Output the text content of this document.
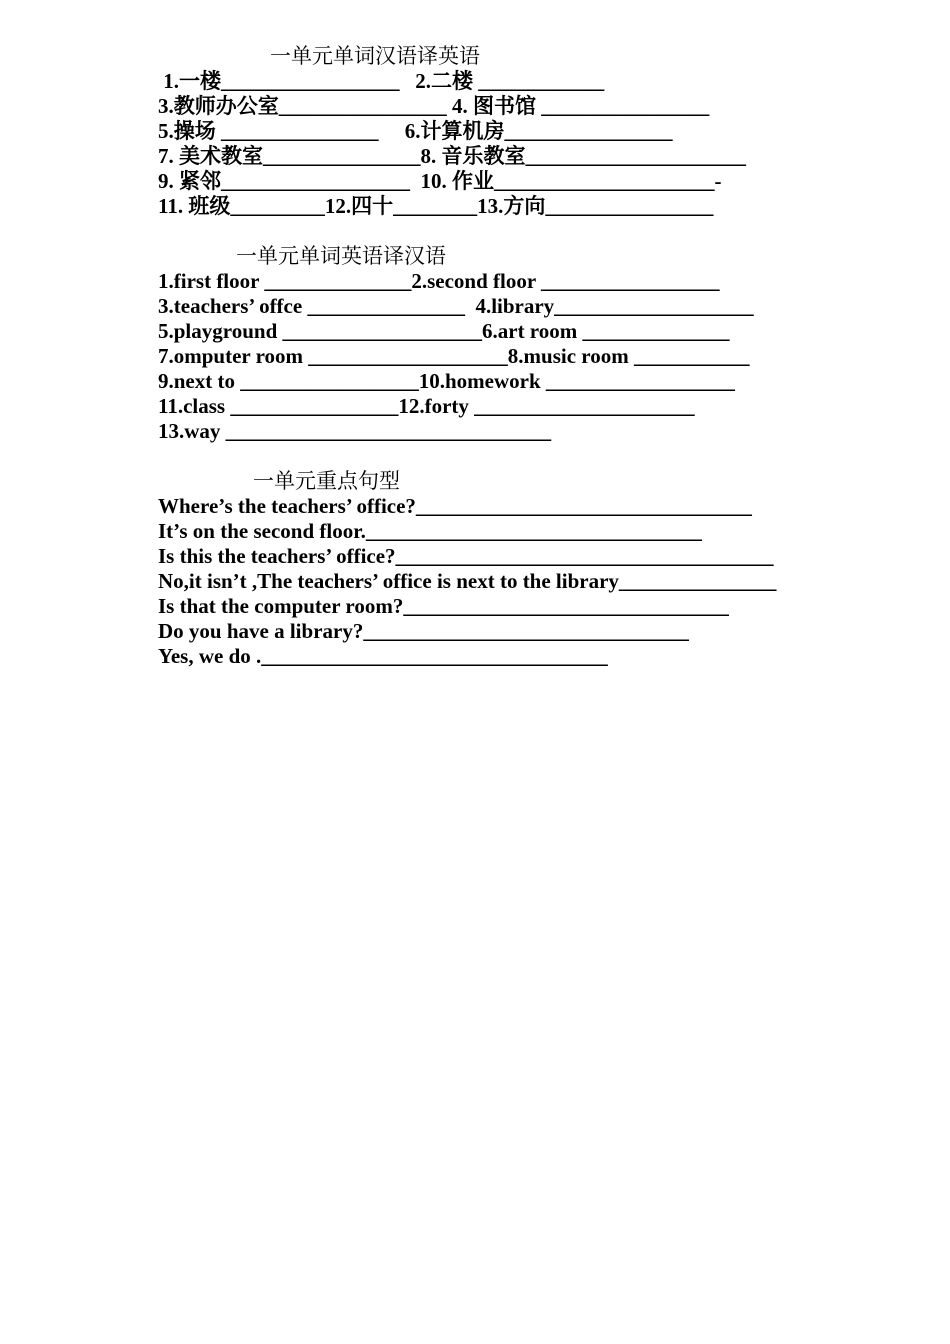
一单元单词汉语译英语
1.一楼_________________   2.二楼 ____________
3.教师办公室________________ 4. 图书馆 ________________
5.操场 _______________     6.计算机房________________
7. 美术教室_______________8. 音乐教室_____________________
9. 紧邻__________________  10. 作业_____________________-
11. 班级_________12.四十________13.方向________________
一单元单词英语译汉语
1.first floor ______________2.second floor _________________
3.teachers’ offce _______________  4.library___________________
5.playground ___________________6.art room ______________
7.omputer room ___________________8.music room ___________
9.next to _________________10.homework __________________
11.class ________________12.forty _____________________
13.way _______________________________
一单元重点句型
Where’s the teachers’ office?________________________________
It’s on the second floor.________________________________
Is this the teachers’ office?____________________________________
No,it isn’t ,The teachers’ office is next to the library_______________
Is that the computer room?_______________________________
Do you have a library?_______________________________
Yes, we do ._________________________________
